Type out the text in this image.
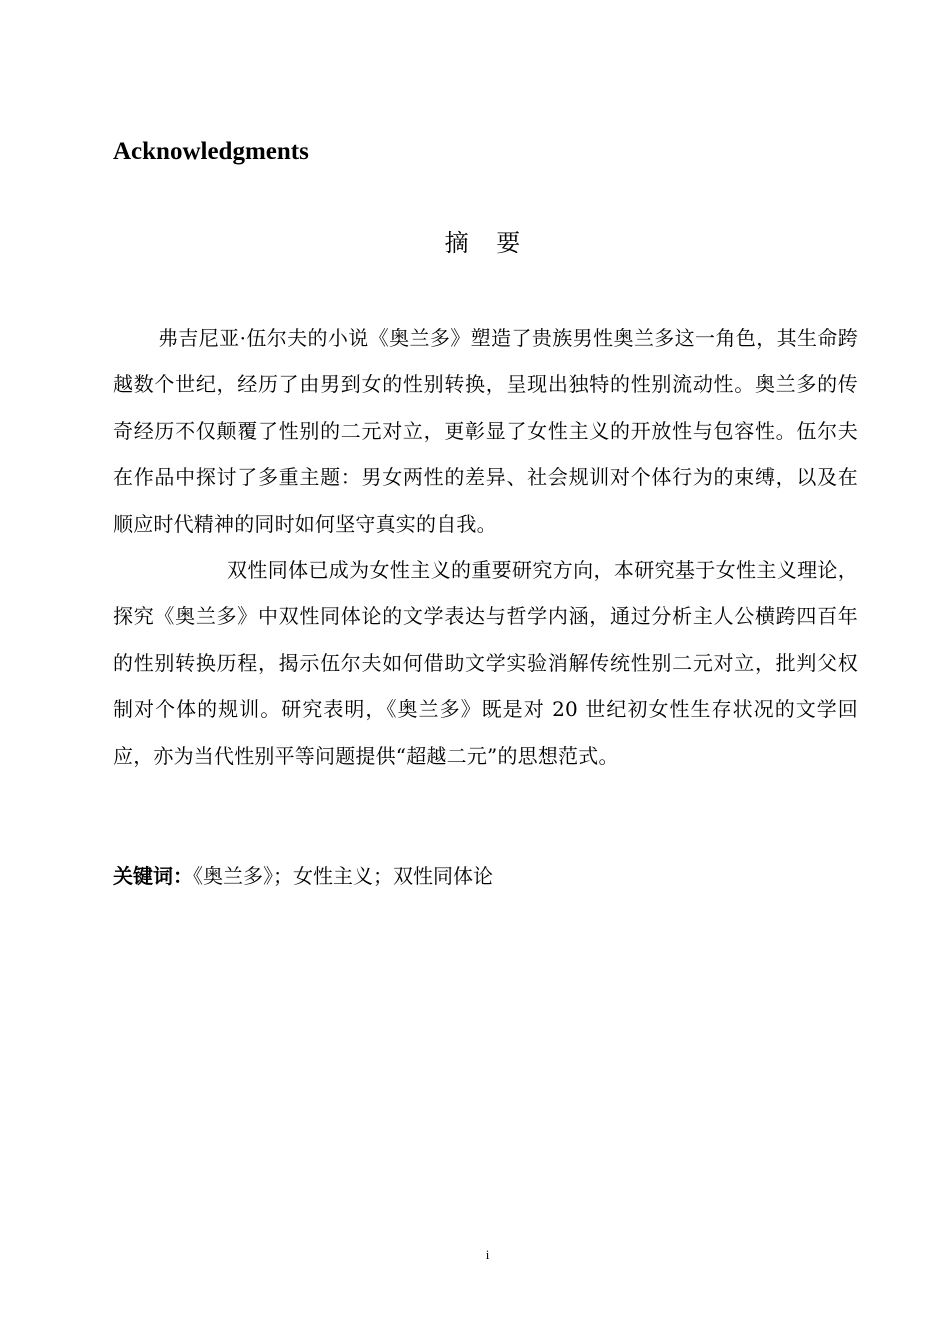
Acknowledgments
摘 要

弗吉尼亚·伍尔夫的小说《奥兰多》塑造了贵族男性奥兰多这一角色，其生命跨越数个世纪，经历了由男到女的性别转换，呈现出独特的性别流动性。奥兰多的传奇经历不仅颠覆了性别的二元对立，更彰显了女性主义的开放性与包容性。伍尔夫在作品中探讨了多重主题：男女两性的差异、社会规训对个体行为的束缚，以及在顺应时代精神的同时如何坚守真实的自我。

双性同体已成为女性主义的重要研究方向，本研究基于女性主义理论，探究《奥兰多》中双性同体论的文学表达与哲学内涵，通过分析主人公横跨四百年的性别转换历程，揭示伍尔夫如何借助文学实验消解传统性别二元对立，批判父权制对个体的规训。研究表明，《奥兰多》既是对 20 世纪初女性生存状况的文学回应，亦为当代性别平等问题提供“超越二元”的思想范式。

关键词：《奥兰多》；女性主义；双性同体论

i
